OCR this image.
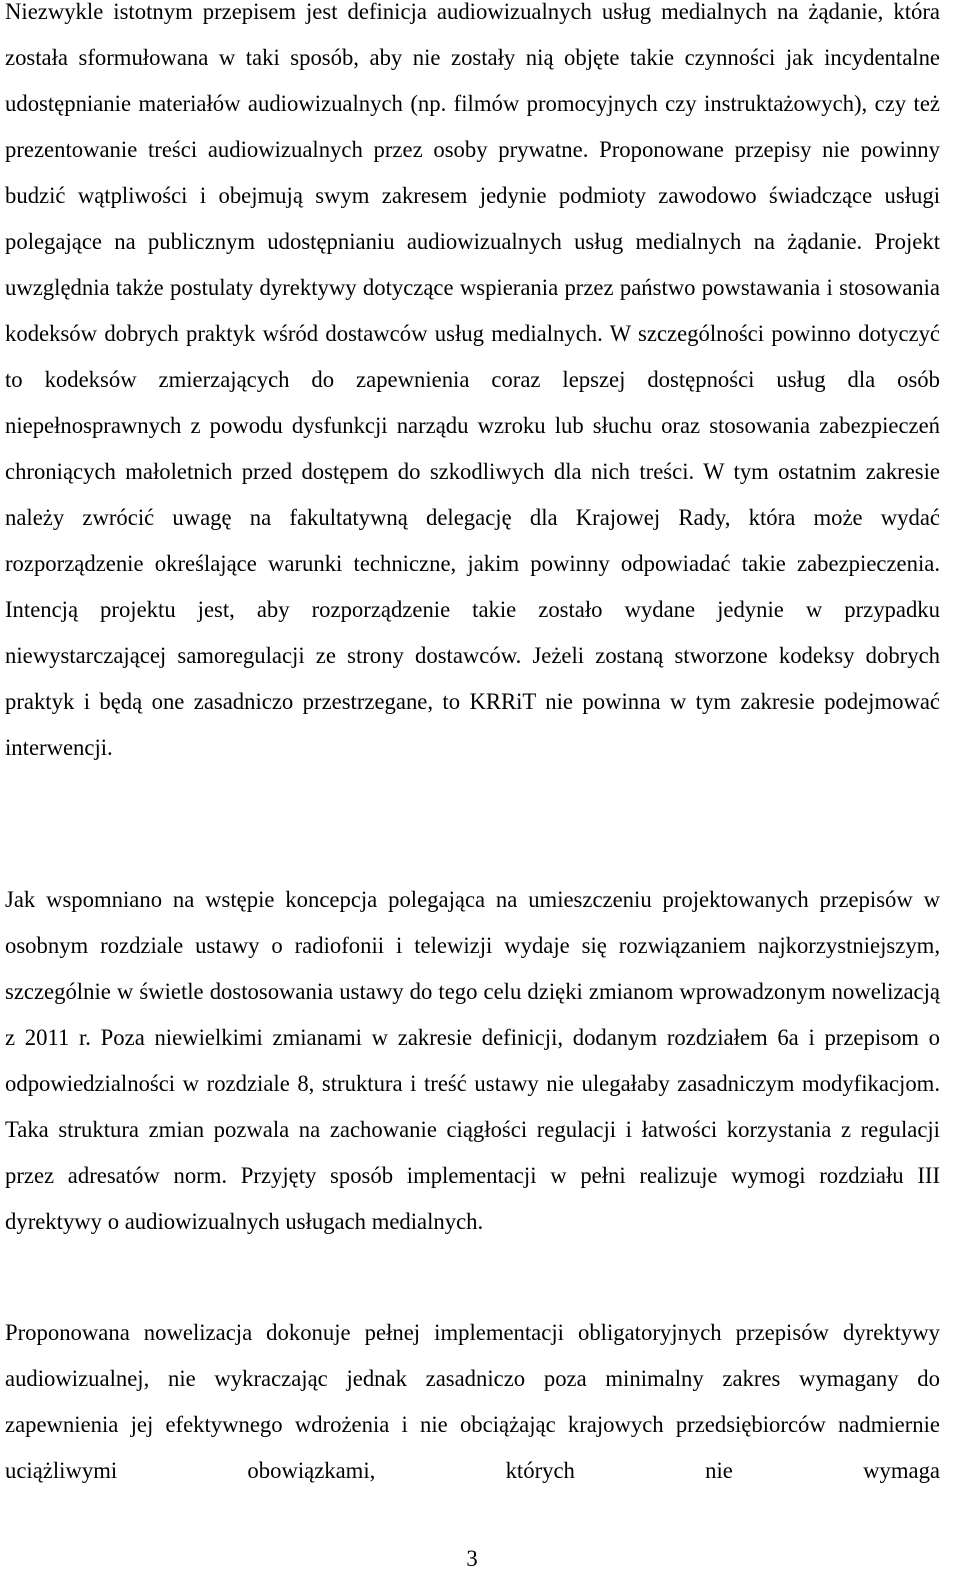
Niezwykle istotnym przepisem jest definicja audiowizualnych usług medialnych na żądanie, która została sformułowana w taki sposób, aby nie zostały nią objęte takie czynności jak incydentalne udostępnianie materiałów audiowizualnych (np. filmów promocyjnych czy instruktażowych), czy też prezentowanie treści audiowizualnych przez osoby prywatne. Proponowane przepisy nie powinny budzić wątpliwości i obejmują swym zakresem jedynie podmioty zawodowo świadczące usługi polegające na publicznym udostępnianiu audiowizualnych usług medialnych na żądanie. Projekt uwzględnia także postulaty dyrektywy dotyczące wspierania przez państwo powstawania i stosowania kodeksów dobrych praktyk wśród dostawców usług medialnych. W szczególności powinno dotyczyć to kodeksów zmierzających do zapewnienia coraz lepszej dostępności usług dla osób niepełnosprawnych z powodu dysfunkcji narządu wzroku lub słuchu oraz stosowania zabezpieczeń chroniących małoletnich przed dostępem do szkodliwych dla nich treści. W tym ostatnim zakresie należy zwrócić uwagę na fakultatywną delegację dla Krajowej Rady, która może wydać rozporządzenie określające warunki techniczne, jakim powinny odpowiadać takie zabezpieczenia. Intencją projektu jest, aby rozporządzenie takie zostało wydane jedynie w przypadku niewystarczającej samoregulacji ze strony dostawców. Jeżeli zostaną stworzone kodeksy dobrych praktyk i będą one zasadniczo przestrzegane, to KRRiT nie powinna w tym zakresie podejmować interwencji.

Jak wspomniano na wstępie koncepcja polegająca na umieszczeniu projektowanych przepisów w osobnym rozdziale ustawy o radiofonii i telewizji wydaje się rozwiązaniem najkorzystniejszym, szczególnie w świetle dostosowania ustawy do tego celu dzięki zmianom wprowadzonym nowelizacją z 2011 r. Poza niewielkimi zmianami w zakresie definicji, dodanym rozdziałem 6a i przepisom o odpowiedzialności w rozdziale 8, struktura i treść ustawy nie ulegałaby zasadniczym modyfikacjom. Taka struktura zmian pozwala na zachowanie ciągłości regulacji i łatwości korzystania z regulacji przez adresatów norm. Przyjęty sposób implementacji w pełni realizuje wymogi rozdziału III dyrektywy o audiowizualnych usługach medialnych.

Proponowana nowelizacja dokonuje pełnej implementacji obligatoryjnych przepisów dyrektywy audiowizualnej, nie wykraczając jednak zasadniczo poza minimalny zakres wymagany do zapewnienia jej efektywnego wdrożenia i nie obciążając krajowych przedsiębiorców nadmiernie uciążliwymi obowiązkami, których nie wymaga

3
